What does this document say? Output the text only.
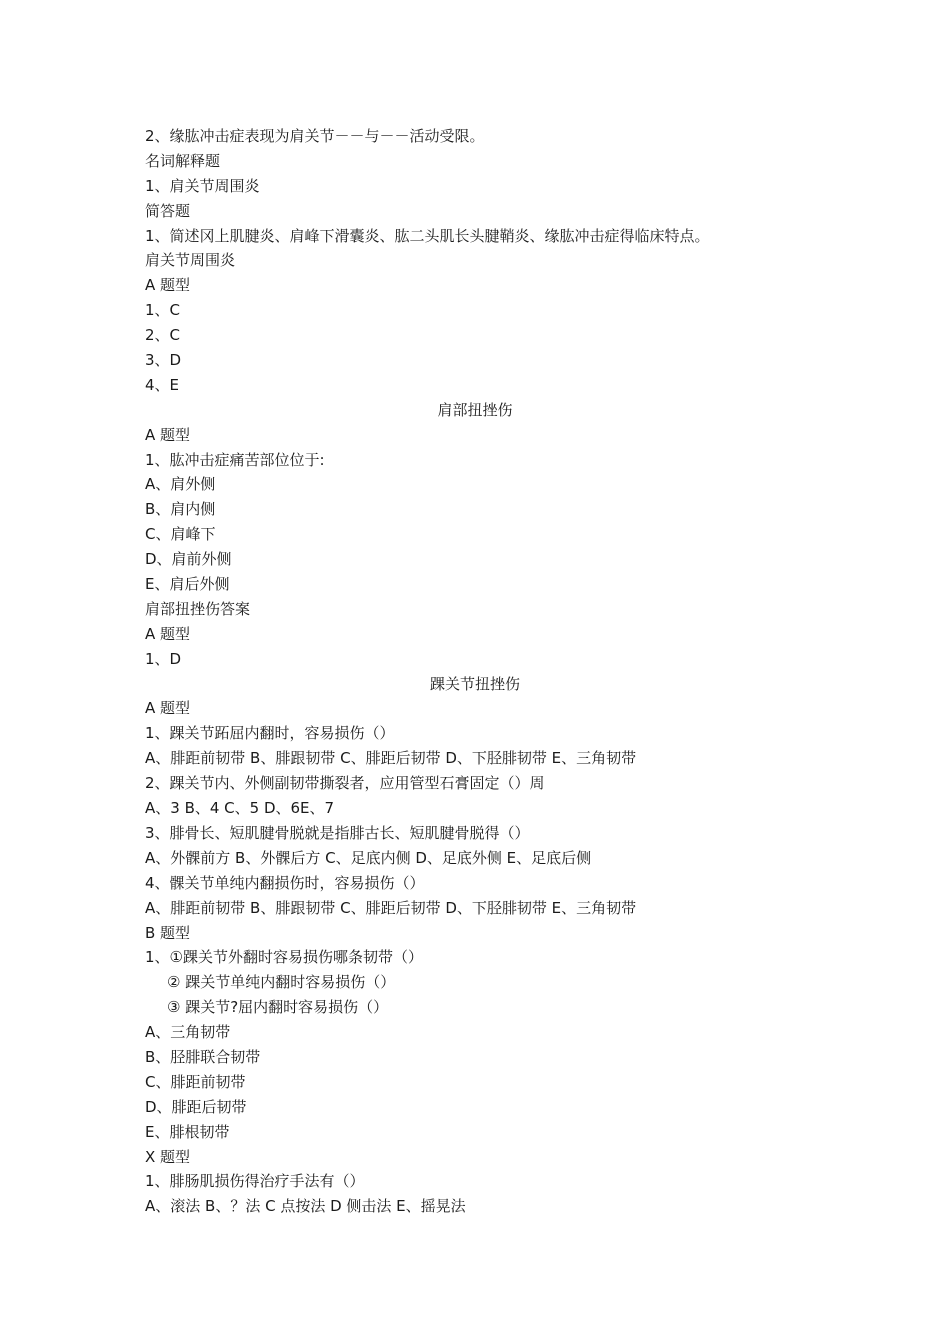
2、缘肱冲击症表现为肩关节－－与－－活动受限。
名词解释题
1、肩关节周围炎
简答题
1、简述冈上肌腱炎、肩峰下滑囊炎、肱二头肌长头腱鞘炎、缘肱冲击症得临床特点。
肩关节周围炎
A 题型
1、C
2、C
3、D
4、E
肩部扭挫伤
A 题型
1、肱冲击症痛苦部位位于:
A、肩外侧
B、肩内侧
C、肩峰下
D、肩前外侧
E、肩后外侧
肩部扭挫伤答案
A 题型
1、D
踝关节扭挫伤
A 题型
1、踝关节跖屈内翻时，容易损伤（）
A、腓距前韧带 B、腓跟韧带 C、腓距后韧带 D、下胫腓韧带 E、三角韧带
2、踝关节内、外侧副韧带撕裂者，应用管型石膏固定（）周
A、3 B、4 C、5 D、6E、7
3、腓骨长、短肌腱骨脱就是指腓古长、短肌腱骨脱得（）
A、外髁前方 B、外髁后方 C、足底内侧 D、足底外侧 E、足底后侧
4、髁关节单纯内翻损伤时，容易损伤（）
A、腓距前韧带 B、腓跟韧带 C、腓距后韧带 D、下胫腓韧带 E、三角韧带
B 题型
1、①踝关节外翻时容易损伤哪条韧带（）
② 踝关节单纯内翻时容易损伤（）
③ 踝关节?屈内翻时容易损伤（）
A、三角韧带
B、胫腓联合韧带
C、腓距前韧带
D、腓距后韧带
E、腓根韧带
X 题型
1、腓肠肌损伤得治疗手法有（）
A、滚法 B、？法 C 点按法 D 侧击法 E、摇晃法
